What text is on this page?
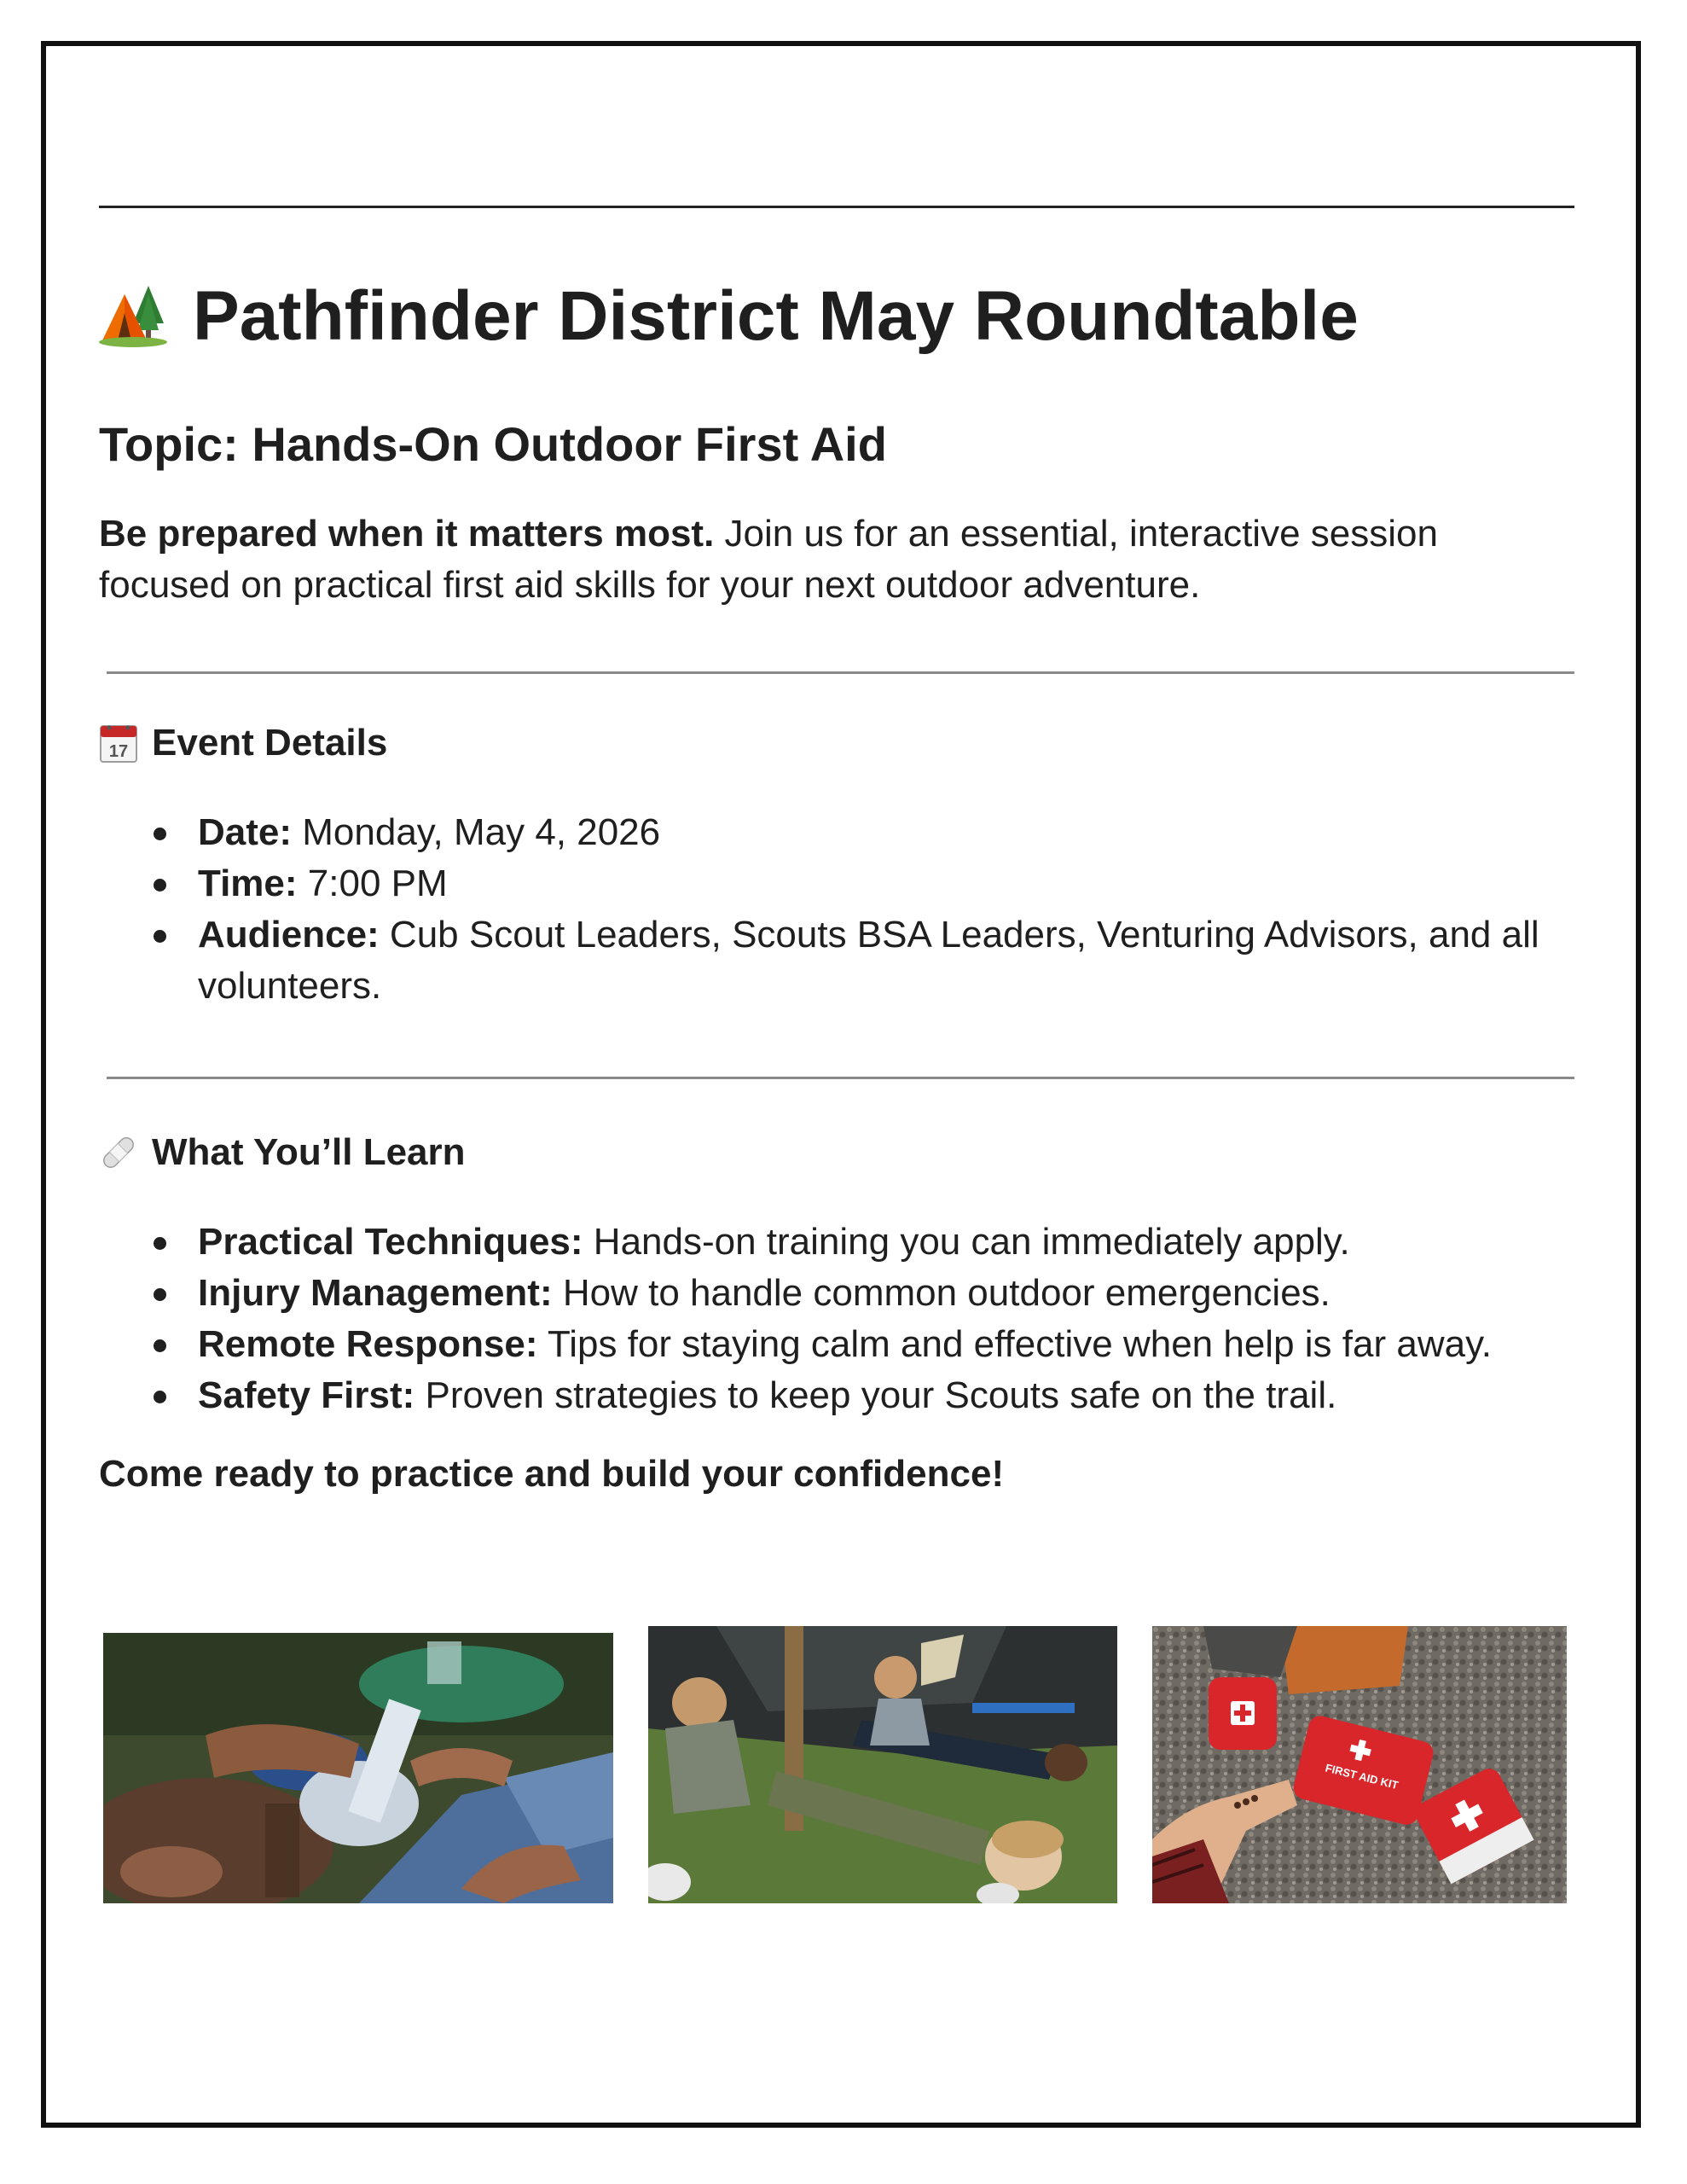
Pathfinder District May Roundtable
Topic: Hands-On Outdoor First Aid

Be prepared when it matters most. Join us for an essential, interactive session focused on practical first aid skills for your next outdoor adventure.

17 Event Details
Date: Monday, May 4, 2026
Time: 7:00 PM
Audience: Cub Scout Leaders, Scouts BSA Leaders, Venturing Advisors, and all volunteers.
What You’ll Learn
Practical Techniques: Hands-on training you can immediately apply.
Injury Management: How to handle common outdoor emergencies.
Remote Response: Tips for staying calm and effective when help is far away.
Safety First: Proven strategies to keep your Scouts safe on the trail.

Come ready to practice and build your confidence!

FIRST AID KIT
